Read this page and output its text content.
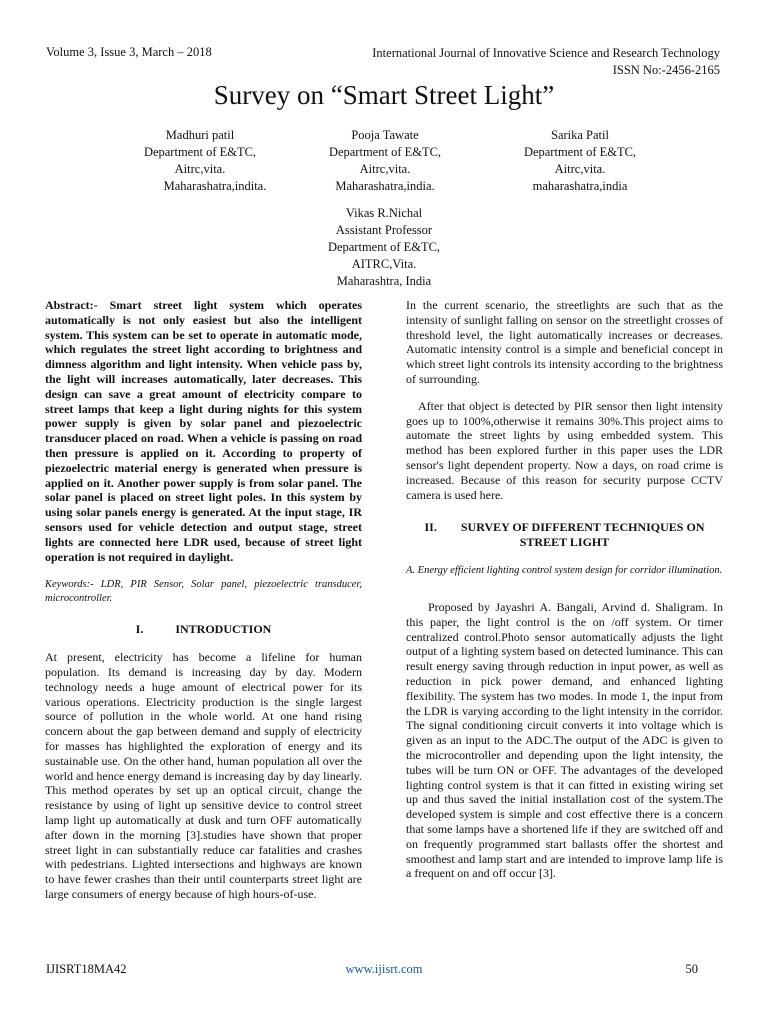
Volume 3, Issue 3, March – 2018	International Journal of Innovative Science and Research Technology
ISSN No:-2456-2165
Survey on “Smart Street Light”
Madhuri patil
Department of E&TC,
Aitrc,vita.
Maharashatra,indita.
Pooja Tawate
Department of E&TC,
Aitrc,vita.
Maharashatra,india.
Sarika Patil
Department of E&TC,
Aitrc,vita.
maharashatra,india
Vikas R.Nichal
Assistant Professor
Department of E&TC,
AITRC,Vita.
Maharashtra, India

Abstract:- Smart street light system which operates automatically is not only easiest but also the intelligent system. This system can be set to operate in automatic mode, which regulates the street light according to brightness and dimness algorithm and light intensity. When vehicle pass by, the light will increases automatically, later decreases. This design can save a great amount of electricity compare to street lamps that keep a light during nights for this system power supply is given by solar panel and piezoelectric transducer placed on road. When a vehicle is passing on road then pressure is applied on it. According to property of piezoelectric material energy is generated when pressure is applied on it. Another power supply is from solar panel. The solar panel is placed on street light poles. In this system by using solar panels energy is generated. At the input stage, IR sensors used for vehicle detection and output stage, street lights are connected here LDR used, because of street light operation is not required in daylight.

Keywords:- LDR, PIR Sensor, Solar panel, piezoelectric transducer, microcontroller.

I.	INTRODUCTION

At present, electricity has become a lifeline for human population. Its demand is increasing day by day. Modern technology needs a huge amount of electrical power for its various operations. Electricity production is the single largest source of pollution in the whole world. At one hand rising concern about the gap between demand and supply of electricity for masses has highlighted the exploration of energy and its sustainable use. On the other hand, human population all over the world and hence energy demand is increasing day by day linearly. This method operates by set up an optical circuit, change the resistance by using of light up sensitive device to control street lamp light up automatically at dusk and turn OFF automatically after down in the morning [3].studies have shown that proper street light in can substantially reduce car fatalities and crashes with pedestrians. Lighted intersections and highways are known to have fewer crashes than their until counterparts street light are large consumers of energy because of high hours-of-use.

In the current scenario, the streetlights are such that as the intensity of sunlight falling on sensor on the streetlight crosses of threshold level, the light automatically increases or decreases. Automatic intensity control is a simple and beneficial concept in which street light controls its intensity according to the brightness of surrounding.

After that object is detected by PIR sensor then light intensity goes up to 100%,otherwise it remains 30%.This project aims to automate the street lights by using embedded system. This method has been explored further in this paper uses the LDR sensor's light dependent property. Now a days, on road crime is increased. Because of this reason for security purpose CCTV camera is used here.

II. SURVEY OF DIFFERENT TECHNIQUES ON STREET LIGHT

A. Energy efficient lighting control system design for corridor illumination.

Proposed by Jayashri A. Bangali, Arvind d. Shaligram. In this paper, the light control is the on /off system. Or timer centralized control.Photo sensor automatically adjusts the light output of a lighting system based on detected luminance. This can result energy saving through reduction in input power, as well as reduction in pick power demand, and enhanced lighting flexibility. The system has two modes. In mode 1, the input from the LDR is varying according to the light intensity in the corridor. The signal conditioning circuit converts it into voltage which is given as an input to the ADC.The output of the ADC is given to the microcontroller and depending upon the light intensity, the tubes will be turn ON or OFF. The advantages of the developed lighting control system is that it can fitted in existing wiring set up and thus saved the initial installation cost of the system.The developed system is simple and cost effective there is a concern that some lamps have a shortened life if they are switched off and on frequently programmed start ballasts offer the shortest and smoothest and lamp start and are intended to improve lamp life is a frequent on and off occur [3].

IJISRT18MA42	www.ijisrt.com	50
